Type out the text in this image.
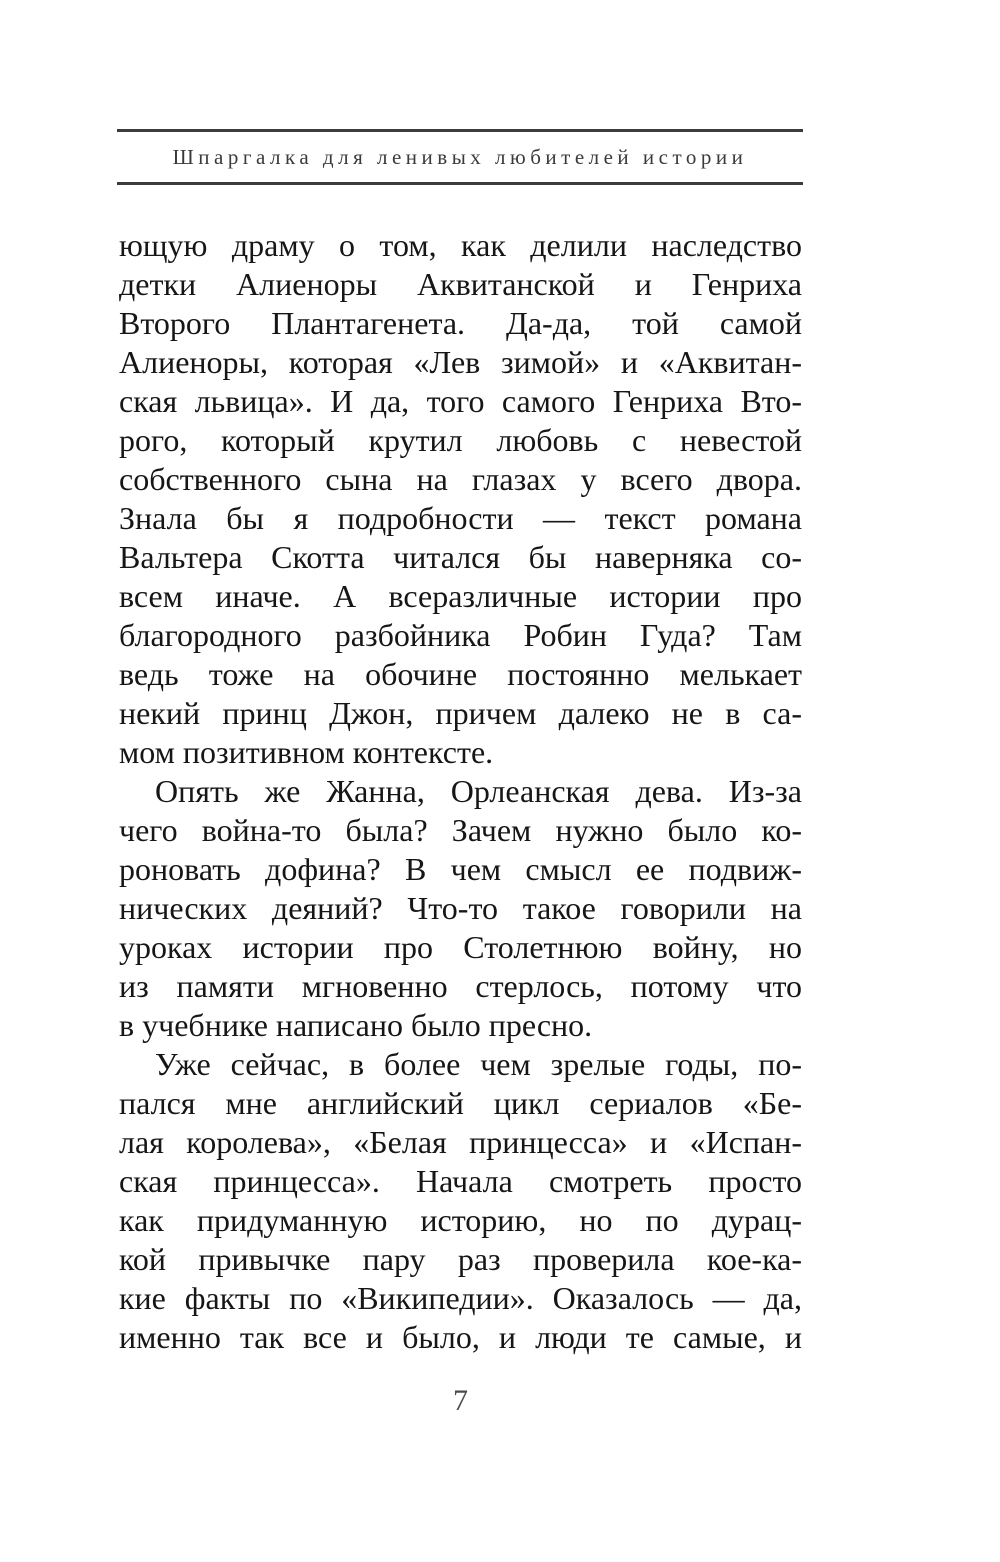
Шпаргалка для ленивых любителей истории
ющую драму о том, как делили наследство
детки Алиеноры Аквитанской и Генриха
Второго Плантагенета. Да-да, той самой
Алиеноры, которая «Лев зимой» и «Аквитан-
ская львица». И да, того самого Генриха Вто-
рого, который крутил любовь с невестой
собственного сына на глазах у всего двора.
Знала бы я подробности — текст романа
Вальтера Скотта читался бы наверняка со-
всем иначе. А всеразличные истории про
благородного разбойника Робин Гуда? Там
ведь тоже на обочине постоянно мелькает
некий принц Джон, причем далеко не в са-
мом позитивном контексте.
Опять же Жанна, Орлеанская дева. Из-за
чего война-то была? Зачем нужно было ко-
роновать дофина? В чем смысл ее подвиж-
нических деяний? Что-то такое говорили на
уроках истории про Столетнюю войну, но
из памяти мгновенно стерлось, потому что
в учебнике написано было пресно.
Уже сейчас, в более чем зрелые годы, по-
пался мне английский цикл сериалов «Бе-
лая королева», «Белая принцесса» и «Испан-
ская принцесса». Начала смотреть просто
как придуманную историю, но по дурац-
кой привычке пару раз проверила кое-ка-
кие факты по «Википедии». Оказалось — да,
именно так все и было, и люди те самые, и
7
